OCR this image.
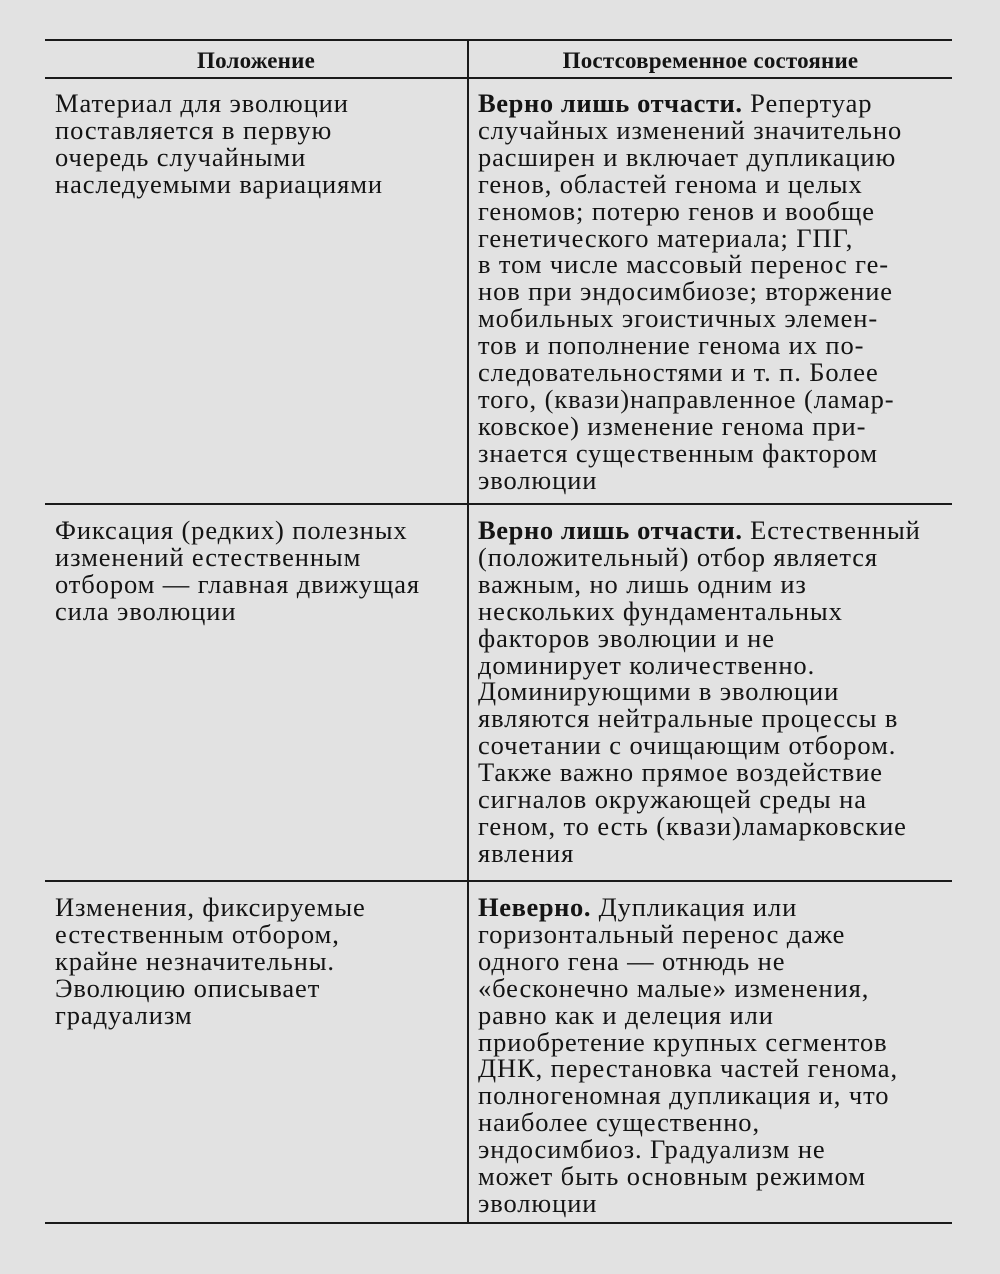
Положение	Постсовременное состояние
Материал для эволюции
поставляется в первую
очередь случайными
наследуемыми вариациями
Верно лишь отчасти. Репертуар
случайных изменений значительно
расширен и включает дупликацию
генов, областей генома и целых
геномов; потерю генов и вообще
генетического материала; ГПГ,
в том числе массовый перенос ге-
нов при эндосимбиозе; вторжение
мобильных эгоистичных элемен-
тов и пополнение генома их по-
следовательностями и т. п. Более
того, (квази)направленное (ламар-
ковское) изменение генома при-
знается существенным фактором
эволюции
Фиксация (редких) полезных
изменений естественным
отбором — главная движущая
сила эволюции
Верно лишь отчасти. Естественный
(положительный) отбор является
важным, но лишь одним из
нескольких фундаментальных
факторов эволюции и не
доминирует количественно.
Доминирующими в эволюции
являются нейтральные процессы в
сочетании с очищающим отбором.
Также важно прямое воздействие
сигналов окружающей среды на
геном, то есть (квази)ламарковские
явления
Изменения, фиксируемые
естественным отбором,
крайне незначительны.
Эволюцию описывает
градуализм
Неверно. Дупликация или
горизонтальный перенос даже
одного гена — отнюдь не
«бесконечно малые» изменения,
равно как и делеция или
приобретение крупных сегментов
ДНК, перестановка частей генома,
полногеномная дупликация и, что
наиболее существенно,
эндосимбиоз. Градуализм не
может быть основным режимом
эволюции
